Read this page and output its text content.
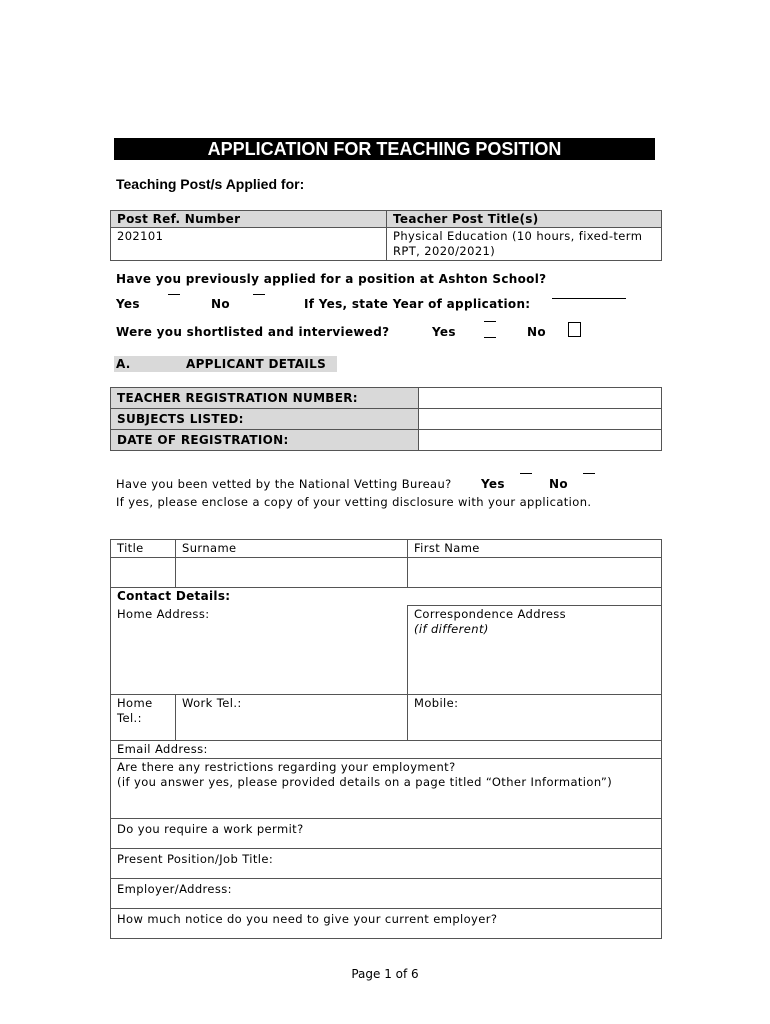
APPLICATION FOR TEACHING POSITION
Teaching Post/s Applied for:
Post Ref. Number	Teacher Post Title(s)
202101	Physical Education (10 hours, fixed-term RPT, 2020/2021)
Have you previously applied for a position at Ashton School?
Yes	No	If Yes, state Year of application:
Were you shortlisted and interviewed?	Yes	No
A.	APPLICANT DETAILS
TEACHER REGISTRATION NUMBER:	
SUBJECTS LISTED:	
DATE OF REGISTRATION:	
Have you been vetted by the National Vetting Bureau? Yes	No
If yes, please enclose a copy of your vetting disclosure with your application.
Title	Surname	First Name

Contact Details:		
Home Address:		Correspondence Address
(if different)

Home Tel.:	Work Tel.:	Mobile:
Email Address:		

Are there any restrictions regarding your employment?
(if you answer yes, please provided details on a page titled “Other Information”)		

Do you require a work permit?		
Present Position/Job Title:		
Employer/Address:		
How much notice do you need to give your current employer?		
Page 1 of 6
